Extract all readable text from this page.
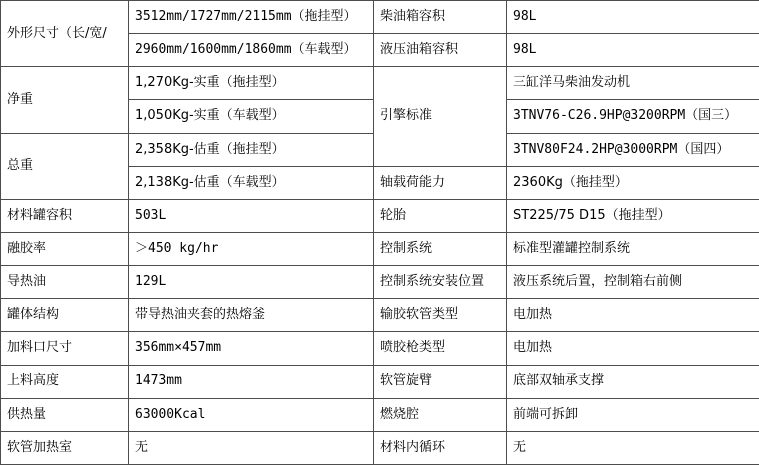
外形尺寸（长/宽/	3512mm/1727mm/2115mm（拖挂型）	柴油箱容积	98L
	2960mm/1600mm/1860mm（车载型）	液压油箱容积	98L
净重	1,270Kg-实重（拖挂型）	引擎标准	三缸洋马柴油发动机
	1,050Kg-实重（车载型）		3TNV76-C26.9HP@3200RPM（国三）
总重	2,358Kg-估重（拖挂型）		3TNV80F24.2HP@3000RPM（国四）
	2,138Kg-估重（车载型）	轴载荷能力	2360Kg（拖挂型）
材料罐容积	503L	轮胎	ST225/75 D15（拖挂型）
融胶率	＞450 kg/hr	控制系统	标准型灌罐控制系统
导热油	129L	控制系统安装位置	液压系统后置，控制箱右前侧
罐体结构	带导热油夹套的热熔釜	输胶软管类型	电加热
加料口尺寸	356mm×457mm	喷胶枪类型	电加热
上料高度	1473mm	软管旋臂	底部双轴承支撑
供热量	63000Kcal	燃烧腔	前端可拆卸
软管加热室	无	材料内循环	无
